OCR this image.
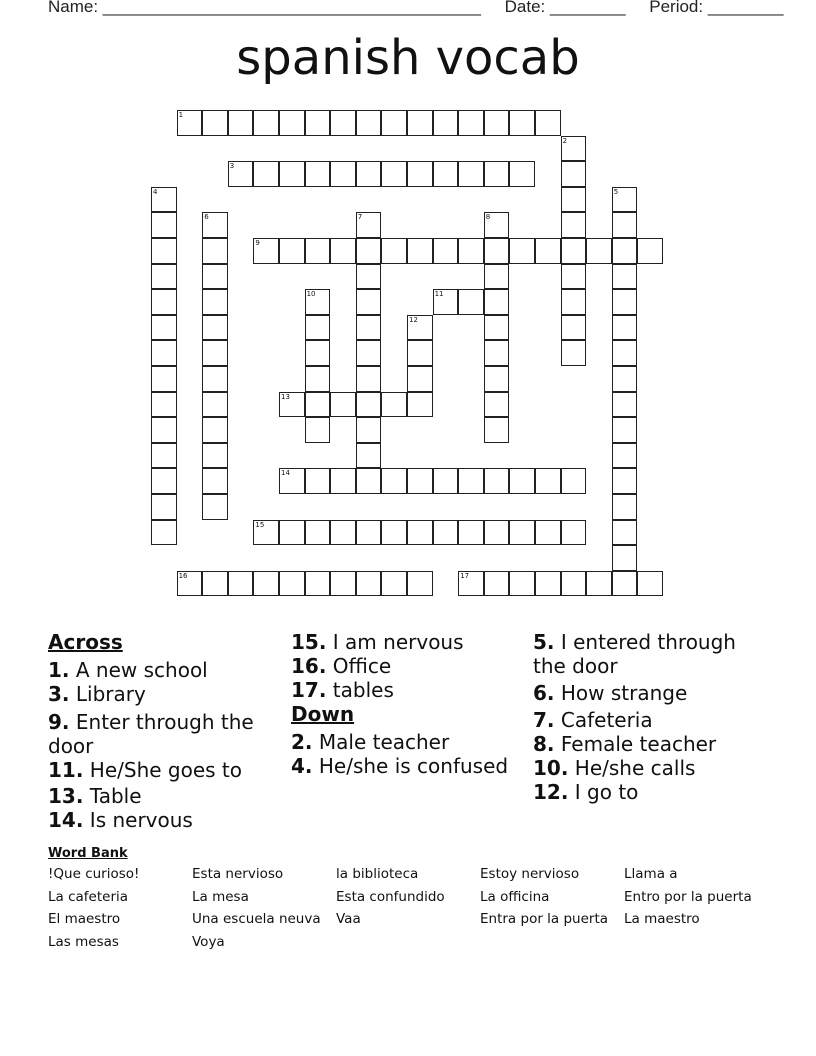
Name: ________________________________________ Date: ________ Period: ________
spanish vocab
1
2
3
4	5
6	7	8
9
10	11
12
13
14
15
16	17
Across
1. A new school
3. Library
9. Enter through the door
11. He/She goes to
13. Table
14. Is nervous
15. I am nervous
16. Office
17. tables
Down
2. Male teacher
4. He/she is confused
5. I entered through the door
6. How strange
7. Cafeteria
8. Female teacher
10. He/she calls
12. I go to
Word Bank
!Que curioso!	Esta nervioso	la biblioteca	Estoy nervioso	Llama a
La cafeteria	La mesa	Esta confundido	La officina	Entro por la puerta
El maestro	Una escuela neuva	Vaa	Entra por la puerta	La maestro
Las mesas	Voya
